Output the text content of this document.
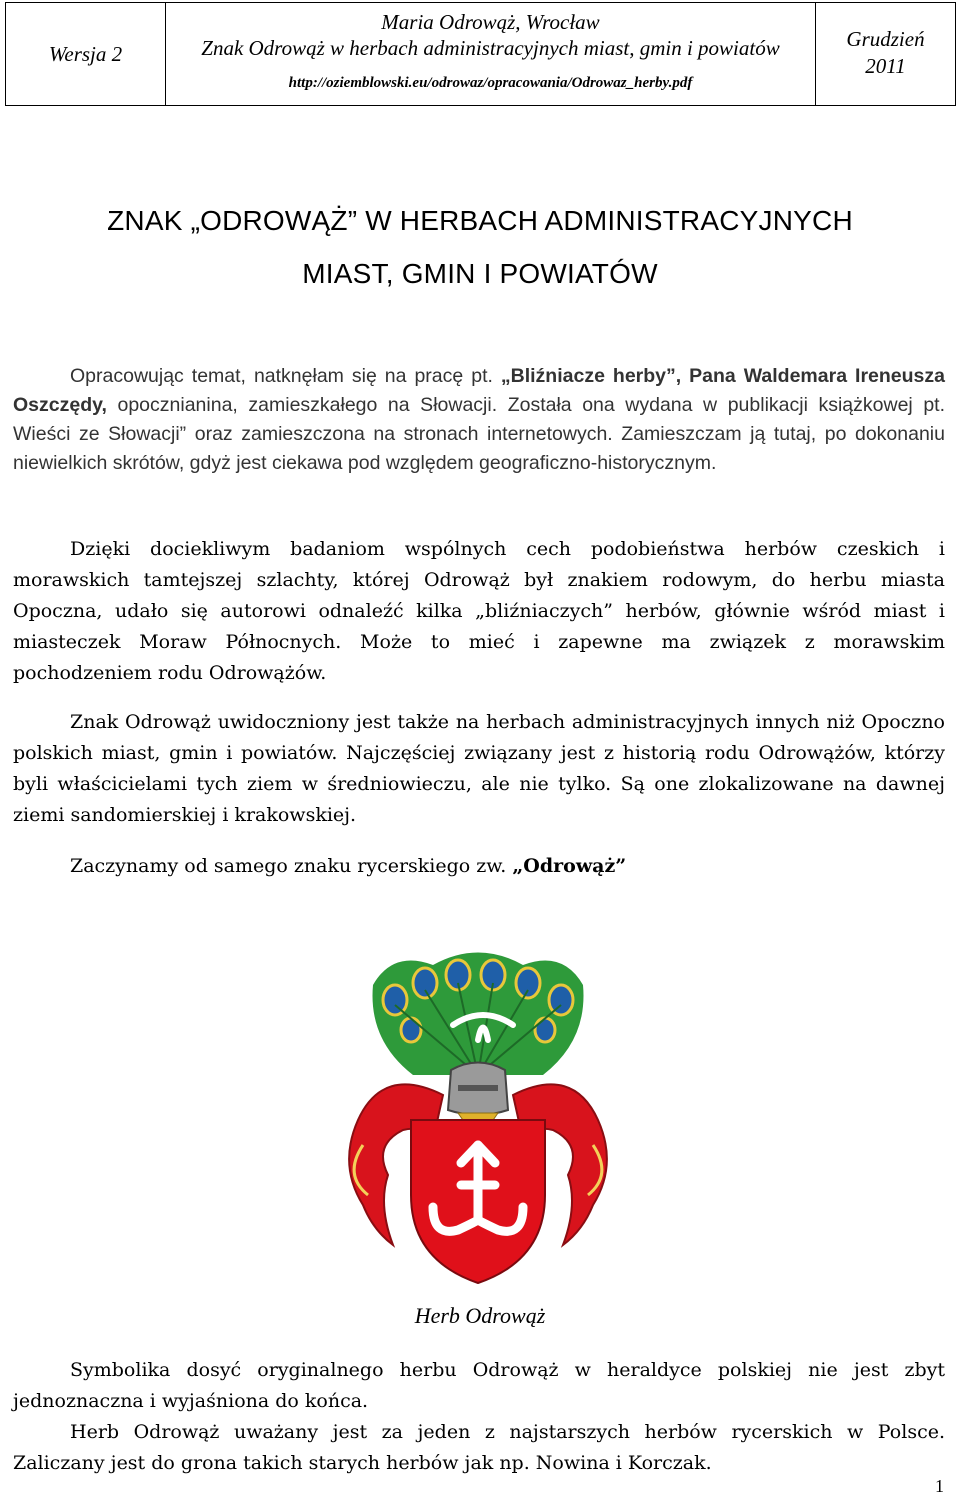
Wersja 2
Maria Odrowąż, Wrocław
Znak Odrowąż w herbach administracyjnych miast, gmin i powiatów
http://oziemblowski.eu/odrowaz/opracowania/Odrowaz_herby.pdf
Grudzień
2011
ZNAK „ODROWĄŻ” W HERBACH ADMINISTRACYJNYCH
MIAST, GMIN I POWIATÓW

Opracowując temat, natknęłam się na pracę pt. „Bliźniacze herby”, Pana Waldemara Ireneusza Oszczędy, opocznianina, zamieszkałego na Słowacji. Została ona wydana w publikacji książkowej pt. Wieści ze Słowacji” oraz zamieszczona na stronach internetowych. Zamieszczam ją tutaj, po dokonaniu niewielkich skrótów, gdyż jest ciekawa pod względem geograficzno-historycznym.

Dzięki dociekliwym badaniom wspólnych cech podobieństwa herbów czeskich i morawskich tamtejszej szlachty, której Odrowąż był znakiem rodowym, do herbu miasta Opoczna, udało się autorowi odnaleźć kilka „bliźniaczych” herbów, głównie wśród miast i miasteczek Moraw Północnych. Może to mieć i zapewne ma związek z morawskim pochodzeniem rodu Odrowążów.

Znak Odrowąż uwidoczniony jest także na herbach administracyjnych innych niż Opoczno polskich miast, gmin i powiatów. Najczęściej związany jest z historią rodu Odrowążów, którzy byli właścicielami tych ziem w średniowieczu, ale nie tylko. Są one zlokalizowane na dawnej ziemi sandomierskiej i krakowskiej.

Zaczynamy od samego znaku rycerskiego zw. „Odrowąż”

Herb Odrowąż

Symbolika dosyć oryginalnego herbu Odrowąż w heraldyce polskiej nie jest zbyt jednoznaczna i wyjaśniona do końca.

Herb Odrowąż uważany jest za jeden z najstarszych herbów rycerskich w Polsce. Zaliczany jest do grona takich starych herbów jak np. Nowina i Korczak.

1
